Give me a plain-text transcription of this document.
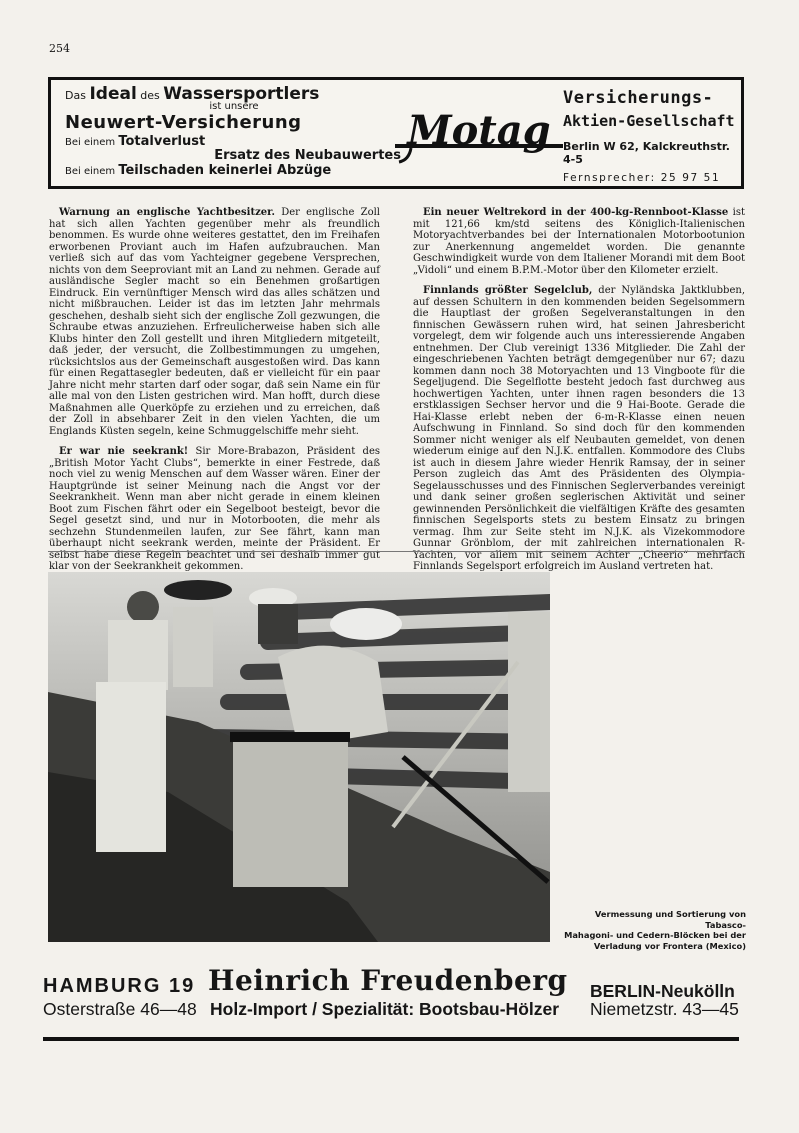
254
Das Ideal des Wassersportlers
ist unsere
Neuwert-Versicherung
Bei einem Totalverlust
Ersatz des Neubauwertes
Bei einem Teilschaden keinerlei Abzüge
Motag
Versicherungs-
Aktien-Gesellschaft
Berlin W 62, Kalckreuthstr. 4-5
Fernsprecher: 25 97 51

Warnung an englische Yachtbesitzer. Der englische Zoll hat sich allen Yachten gegenüber mehr als freundlich benommen. Es wurde ohne weiteres gestattet, den im Freihafen erworbenen Proviant auch im Hafen aufzubrauchen. Man verließ sich auf das vom Yachteigner gegebene Versprechen, nichts von dem Seeproviant mit an Land zu nehmen. Gerade auf ausländische Segler macht so ein Benehmen großartigen Eindruck. Ein vernünftiger Mensch wird das alles schätzen und nicht mißbrauchen. Leider ist das im letzten Jahr mehrmals geschehen, deshalb sieht sich der englische Zoll gezwungen, die Schraube etwas anzuziehen. Erfreulicherweise haben sich alle Klubs hinter den Zoll gestellt und ihren Mitgliedern mitgeteilt, daß jeder, der versucht, die Zollbestimmungen zu umgehen, rücksichtslos aus der Gemeinschaft ausgestoßen wird. Das kann für einen Regattasegler bedeuten, daß er vielleicht für ein paar Jahre nicht mehr starten darf oder sogar, daß sein Name ein für alle mal von den Listen gestrichen wird. Man hofft, durch diese Maßnahmen alle Querköpfe zu erziehen und zu erreichen, daß der Zoll in absehbarer Zeit in den vielen Yachten, die um Englands Küsten segeln, keine Schmuggelschiffe mehr sieht.

Er war nie seekrank! Sir More-Brabazon, Präsident des „British Motor Yacht Clubs“, bemerkte in einer Festrede, daß noch viel zu wenig Menschen auf dem Wasser wären. Einer der Hauptgründe ist seiner Meinung nach die Angst vor der Seekrankheit. Wenn man aber nicht gerade in einem kleinen Boot zum Fischen fährt oder ein Segelboot besteigt, bevor die Segel gesetzt sind, und nur in Motorbooten, die mehr als sechzehn Stundenmeilen laufen, zur See fährt, kann man überhaupt nicht seekrank werden, meinte der Präsident. Er selbst habe diese Regeln beachtet und sei deshalb immer gut klar von der Seekrankheit gekommen.

Ein neuer Weltrekord in der 400-kg-Rennboot-Klasse ist mit 121,66 km/std seitens des Königlich-Italienischen Motoryachtverbandes bei der Internationalen Motorbootunion zur Anerkennung angemeldet worden. Die genannte Geschwindigkeit wurde von dem Italiener Morandi mit dem Boot „Vidoli“ und einem B.P.M.-Motor über den Kilometer erzielt.

Finnlands größter Segelclub, der Nyländska Jaktklubben, auf dessen Schultern in den kommenden beiden Segelsommern die Hauptlast der großen Segelveranstaltungen in den finnischen Gewässern ruhen wird, hat seinen Jahresbericht vorgelegt, dem wir folgende auch uns interessierende Angaben entnehmen. Der Club vereinigt 1336 Mitglieder. Die Zahl der eingeschriebenen Yachten beträgt demgegenüber nur 67; dazu kommen dann noch 38 Motoryachten und 13 Vingboote für die Segeljugend. Die Segelflotte besteht jedoch fast durchweg aus hochwertigen Yachten, unter ihnen ragen besonders die 13 erstklassigen Sechser hervor und die 9 Hai-Boote. Gerade die Hai-Klasse erlebt neben der 6-m-R-Klasse einen neuen Aufschwung in Finnland. So sind doch für den kommenden Sommer nicht weniger als elf Neubauten gemeldet, von denen wiederum einige auf den N.J.K. entfallen. Kommodore des Clubs ist auch in diesem Jahre wieder Henrik Ramsay, der in seiner Person zugleich das Amt des Präsidenten des Olympia-Segelausschusses und des Finnischen Seglerverbandes vereinigt und dank seiner großen seglerischen Aktivität und seiner gewinnenden Persönlichkeit die vielfältigen Kräfte des gesamten finnischen Segelsports stets zu bestem Einsatz zu bringen vermag. Ihm zur Seite steht im N.J.K. als Vizekommodore Gunnar Grönblom, der mit zahlreichen internationalen R-Yachten, vor allem mit seinem Achter „Cheerio“ mehrfach Finnlands Segelsport erfolgreich im Ausland vertreten hat.

Vermessung und Sortierung von Tabasco-
Mahagoni- und Cedern-Blöcken bei der
Verladung vor Frontera (Mexico)
HAMBURG 19
Osterstraße 46—48
Heinrich Freudenberg
Holz-Import / Spezialität: Bootsbau-Hölzer
BERLIN-Neukölln
Niemetzstr. 43—45
